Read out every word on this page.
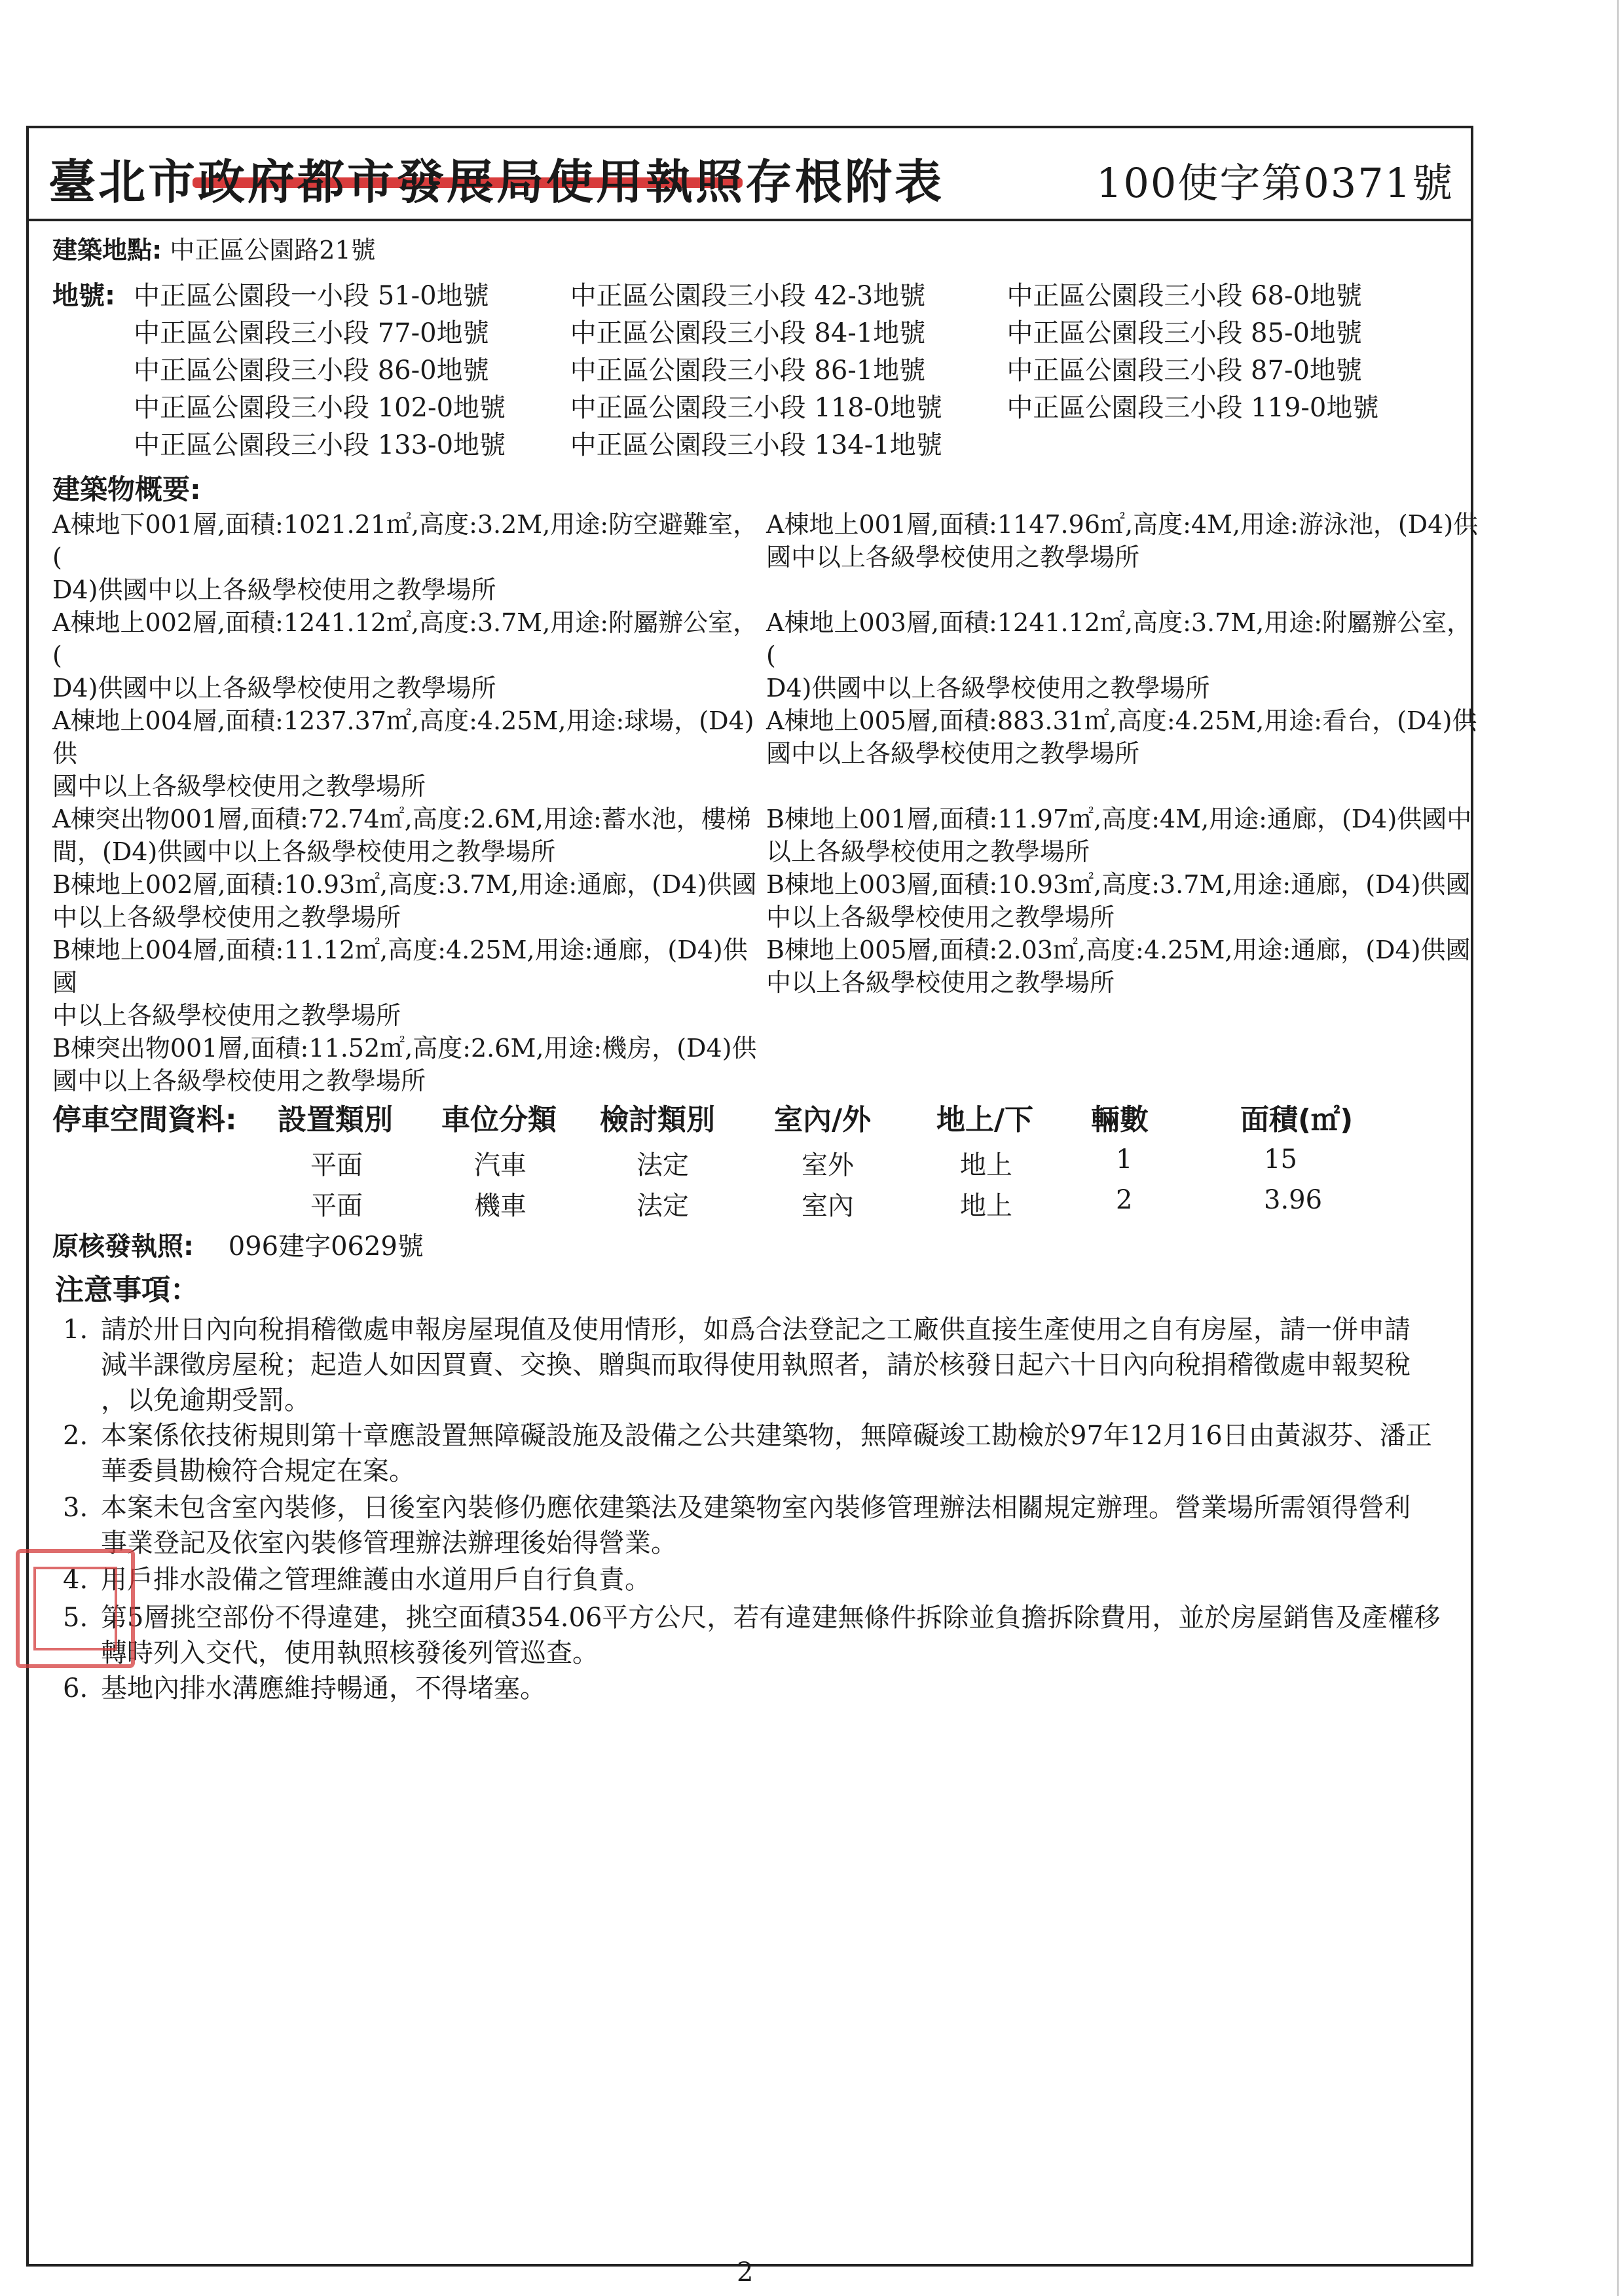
臺北市政府都市發展局使用執照存根附表	100使字第0371號
建築地點: 中正區公園路21號
地號: 中正區公園段一小段 51-0地號	中正區公園段三小段 42-3地號	中正區公園段三小段 68-0地號
中正區公園段三小段 77-0地號	中正區公園段三小段 84-1地號	中正區公園段三小段 85-0地號
中正區公園段三小段 86-0地號	中正區公園段三小段 86-1地號	中正區公園段三小段 87-0地號
中正區公園段三小段 102-0地號	中正區公園段三小段 118-0地號	中正區公園段三小段 119-0地號
中正區公園段三小段 133-0地號	中正區公園段三小段 134-1地號
建築物概要:
A棟地下001層,面積:1021.21㎡,高度:3.2M,用途:防空避難室，(
D4)供國中以上各級學校使用之教學場所
A棟地上001層,面積:1147.96㎡,高度:4M,用途:游泳池，(D4)供
國中以上各級學校使用之教學場所
A棟地上002層,面積:1241.12㎡,高度:3.7M,用途:附屬辦公室，(
D4)供國中以上各級學校使用之教學場所
A棟地上003層,面積:1241.12㎡,高度:3.7M,用途:附屬辦公室，(
D4)供國中以上各級學校使用之教學場所
A棟地上004層,面積:1237.37㎡,高度:4.25M,用途:球場，(D4)供
國中以上各級學校使用之教學場所
A棟地上005層,面積:883.31㎡,高度:4.25M,用途:看台，(D4)供
國中以上各級學校使用之教學場所
A棟突出物001層,面積:72.74㎡,高度:2.6M,用途:蓄水池，樓梯
間，(D4)供國中以上各級學校使用之教學場所
B棟地上001層,面積:11.97㎡,高度:4M,用途:通廊，(D4)供國中
以上各級學校使用之教學場所
B棟地上002層,面積:10.93㎡,高度:3.7M,用途:通廊，(D4)供國
中以上各級學校使用之教學場所
B棟地上003層,面積:10.93㎡,高度:3.7M,用途:通廊，(D4)供國
中以上各級學校使用之教學場所
B棟地上004層,面積:11.12㎡,高度:4.25M,用途:通廊，(D4)供國
中以上各級學校使用之教學場所
B棟地上005層,面積:2.03㎡,高度:4.25M,用途:通廊，(D4)供國
中以上各級學校使用之教學場所
B棟突出物001層,面積:11.52㎡,高度:2.6M,用途:機房，(D4)供
國中以上各級學校使用之教學場所
停車空間資料: 設置類別 車位分類 檢討類別 室內/外 地上/下 輛數	面積(㎡)
平面	汽車	法定	室外	地上	1	15
平面	機車	法定	室內	地上	2	3.96
原核發執照: 096建字0629號
注意事項：
1. 請於卅日內向稅捐稽徵處申報房屋現值及使用情形，如爲合法登記之工廠供直接生產使用之自有房屋，請一併申請
減半課徵房屋稅；起造人如因買賣、交換、贈與而取得使用執照者，請於核發日起六十日內向稅捐稽徵處申報契稅
，以免逾期受罰。
2. 本案係依技術規則第十章應設置無障礙設施及設備之公共建築物，無障礙竣工勘檢於97年12月16日由黃淑芬、潘正
華委員勘檢符合規定在案。
3. 本案未包含室內裝修，日後室內裝修仍應依建築法及建築物室內裝修管理辦法相關規定辦理。營業場所需領得營利
事業登記及依室內裝修管理辦法辦理後始得營業。
4. 用戶排水設備之管理維護由水道用戶自行負責。
5. 第5層挑空部份不得違建，挑空面積354.06平方公尺，若有違建無條件拆除並負擔拆除費用，並於房屋銷售及產權移
轉時列入交代，使用執照核發後列管巡查。
6. 基地內排水溝應維持暢通，不得堵塞。
2
